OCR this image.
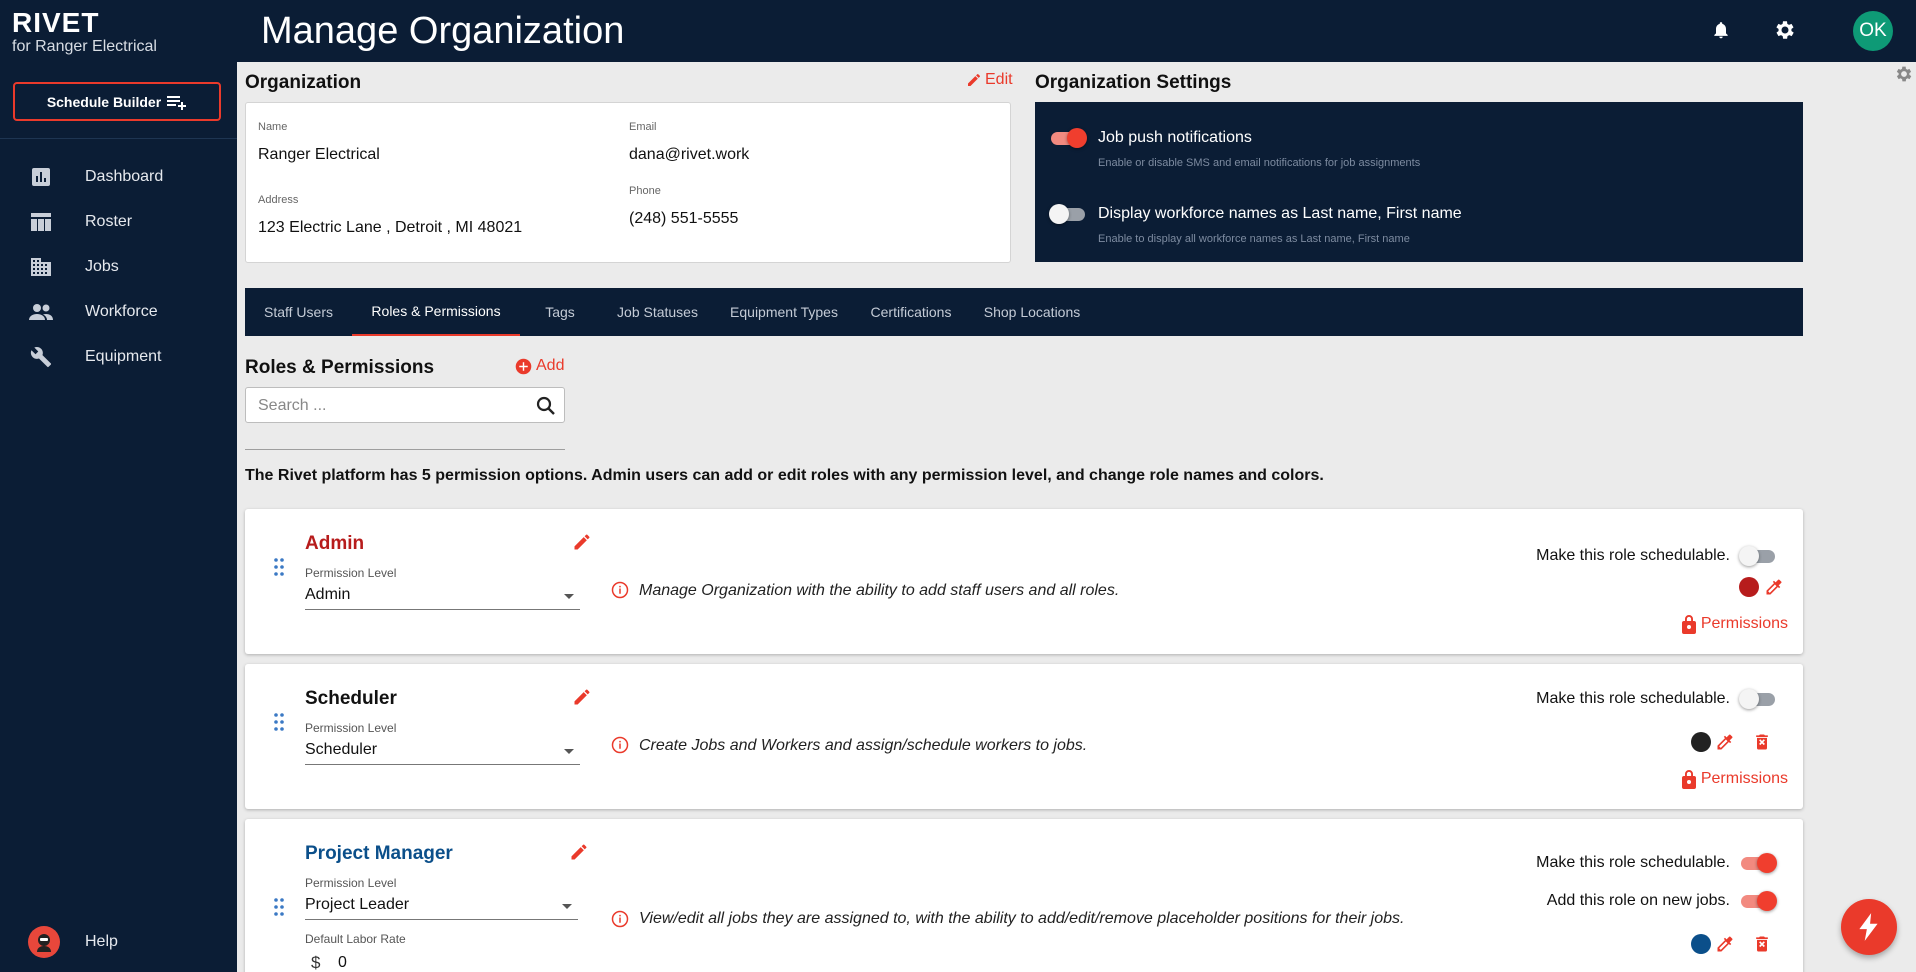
RIVET
for Ranger Electrical	Manage Organization	OK
Schedule Builder
Dashboard
Roster
Jobs
Workforce
Equipment
Help
Organization	Edit
Name
Ranger Electrical
Email
dana@rivet.work
Address
123 Electric Lane , Detroit , MI 48021
Phone
(248) 551-5555
Organization Settings
Job push notifications
Enable or disable SMS and email notifications for job assignments
Display workforce names as Last name, First name
Enable to display all workforce names as Last name, First name
Staff Users	Roles & Permissions	Tags	Job Statuses	Equipment Types	Certifications	Shop Locations
Roles & Permissions	Add
Search ...
The Rivet platform has 5 permission options. Admin users can add or edit roles with any permission level, and change role names and colors.
Admin
Permission Level
Admin	Manage Organization with the ability to add staff users and all roles.
Make this role schedulable.
Permissions
Scheduler
Permission Level
Scheduler	Create Jobs and Workers and assign/schedule workers to jobs.
Make this role schedulable.
Permissions
Project Manager
Permission Level
Project Leader
Default Labor Rate
$ 0
View/edit all jobs they are assigned to, with the ability to add/edit/remove placeholder positions for their jobs.
Make this role schedulable.
Add this role on new jobs.
